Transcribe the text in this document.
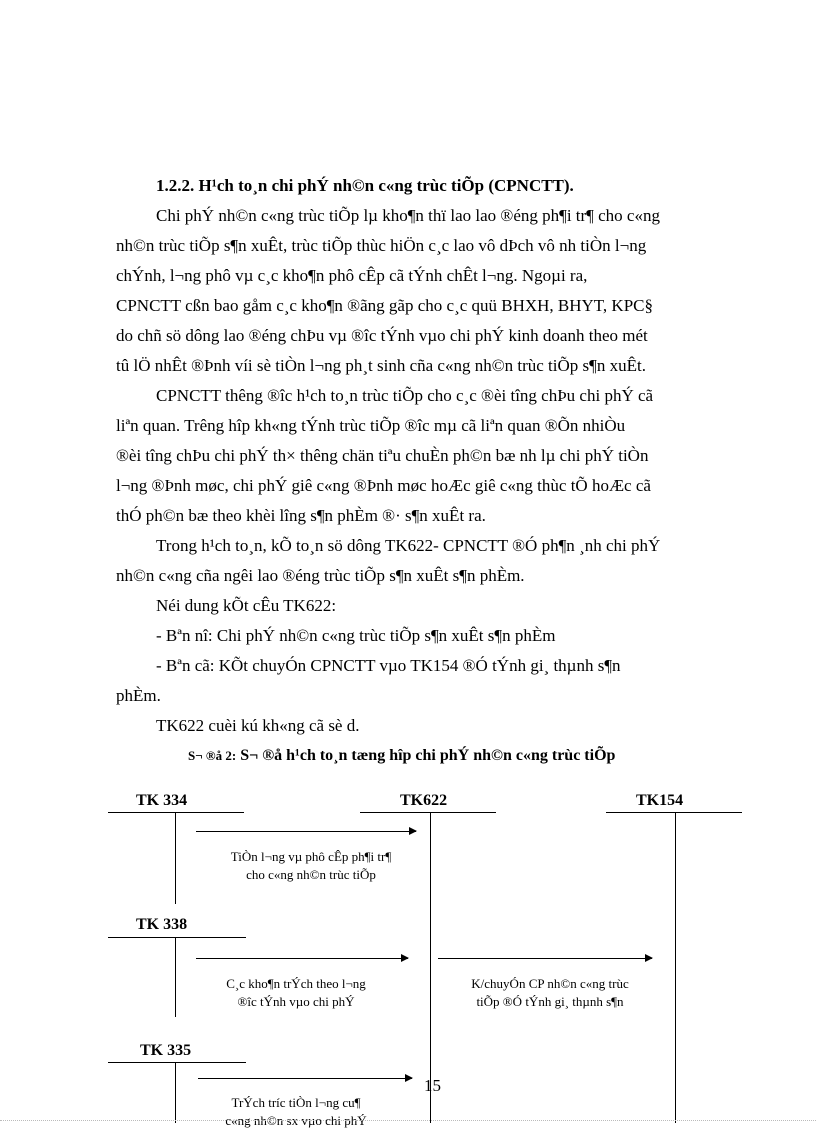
1.2.2. H¹ch to¸n chi phÝ nh©n c«ng trùc tiÕp (CPNCTT).
Chi phÝ nh©n c«ng trùc tiÕp lµ kho¶n thï lao lao ®éng ph¶i tr¶ cho c«ng
nh©n trùc tiÕp s¶n xuÊt, trùc tiÕp thùc hiÖn c¸c lao vô dÞch vô nh tiÒn l¬ng
chÝnh, l¬ng phô vµ c¸c kho¶n phô cÊp cã tÝnh chÊt l¬ng. Ngoµi ra,
CPNCTT cßn bao gåm c¸c kho¶n ®ãng gãp cho c¸c quü BHXH, BHYT, KPC§
do chñ sö dông lao ®éng chÞu vµ ®îc tÝnh vµo chi phÝ kinh doanh theo mét
tû lÖ nhÊt ®Þnh víi sè tiÒn l¬ng ph¸t sinh cña c«ng nh©n trùc tiÕp s¶n xuÊt.
CPNCTT thêng ®îc h¹ch to¸n trùc tiÕp cho c¸c ®èi tîng chÞu chi phÝ cã
liªn quan. Trêng hîp kh«ng tÝnh trùc tiÕp ®îc mµ cã liªn quan ®Õn nhiÒu
®èi tîng chÞu chi phÝ th× thêng chän tiªu chuÈn ph©n bæ nh lµ chi phÝ tiÒn
l¬ng ®Þnh møc, chi phÝ giê c«ng ®Þnh møc hoÆc giê c«ng thùc tÕ hoÆc cã
thÓ ph©n bæ theo khèi lîng s¶n phÈm ®· s¶n xuÊt ra.
Trong h¹ch to¸n, kÕ to¸n sö dông TK622- CPNCTT ®Ó ph¶n ¸nh chi phÝ
nh©n c«ng cña ngêi lao ®éng trùc tiÕp s¶n xuÊt s¶n phÈm.
Néi dung kÕt cÊu TK622:
- Bªn nî: Chi phÝ nh©n c«ng trùc tiÕp s¶n xuÊt s¶n phÈm
- Bªn cã: KÕt chuyÓn CPNCTT vµo TK154 ®Ó tÝnh gi¸ thµnh s¶n
phÈm.
TK622 cuèi kú kh«ng cã sè d.
S¬ ®å 2: S¬ ®å h¹ch to¸n tæng hîp chi phÝ nh©n c«ng trùc tiÕp
TK 334	TK622	TK154
TiÒn l¬ng vµ phô cÊp ph¶i tr¶
cho c«ng nh©n trùc tiÕp
TK 338
C¸c kho¶n trÝch theo l¬ng
®îc tÝnh vµo chi phÝ
K/chuyÓn CP nh©n c«ng trùc
tiÕp ®Ó tÝnh gi¸ thµnh s¶n
TK 335
TrÝch tríc tiÒn l¬ng cu¶
c«ng nh©n sx vµo chi phÝ
15
